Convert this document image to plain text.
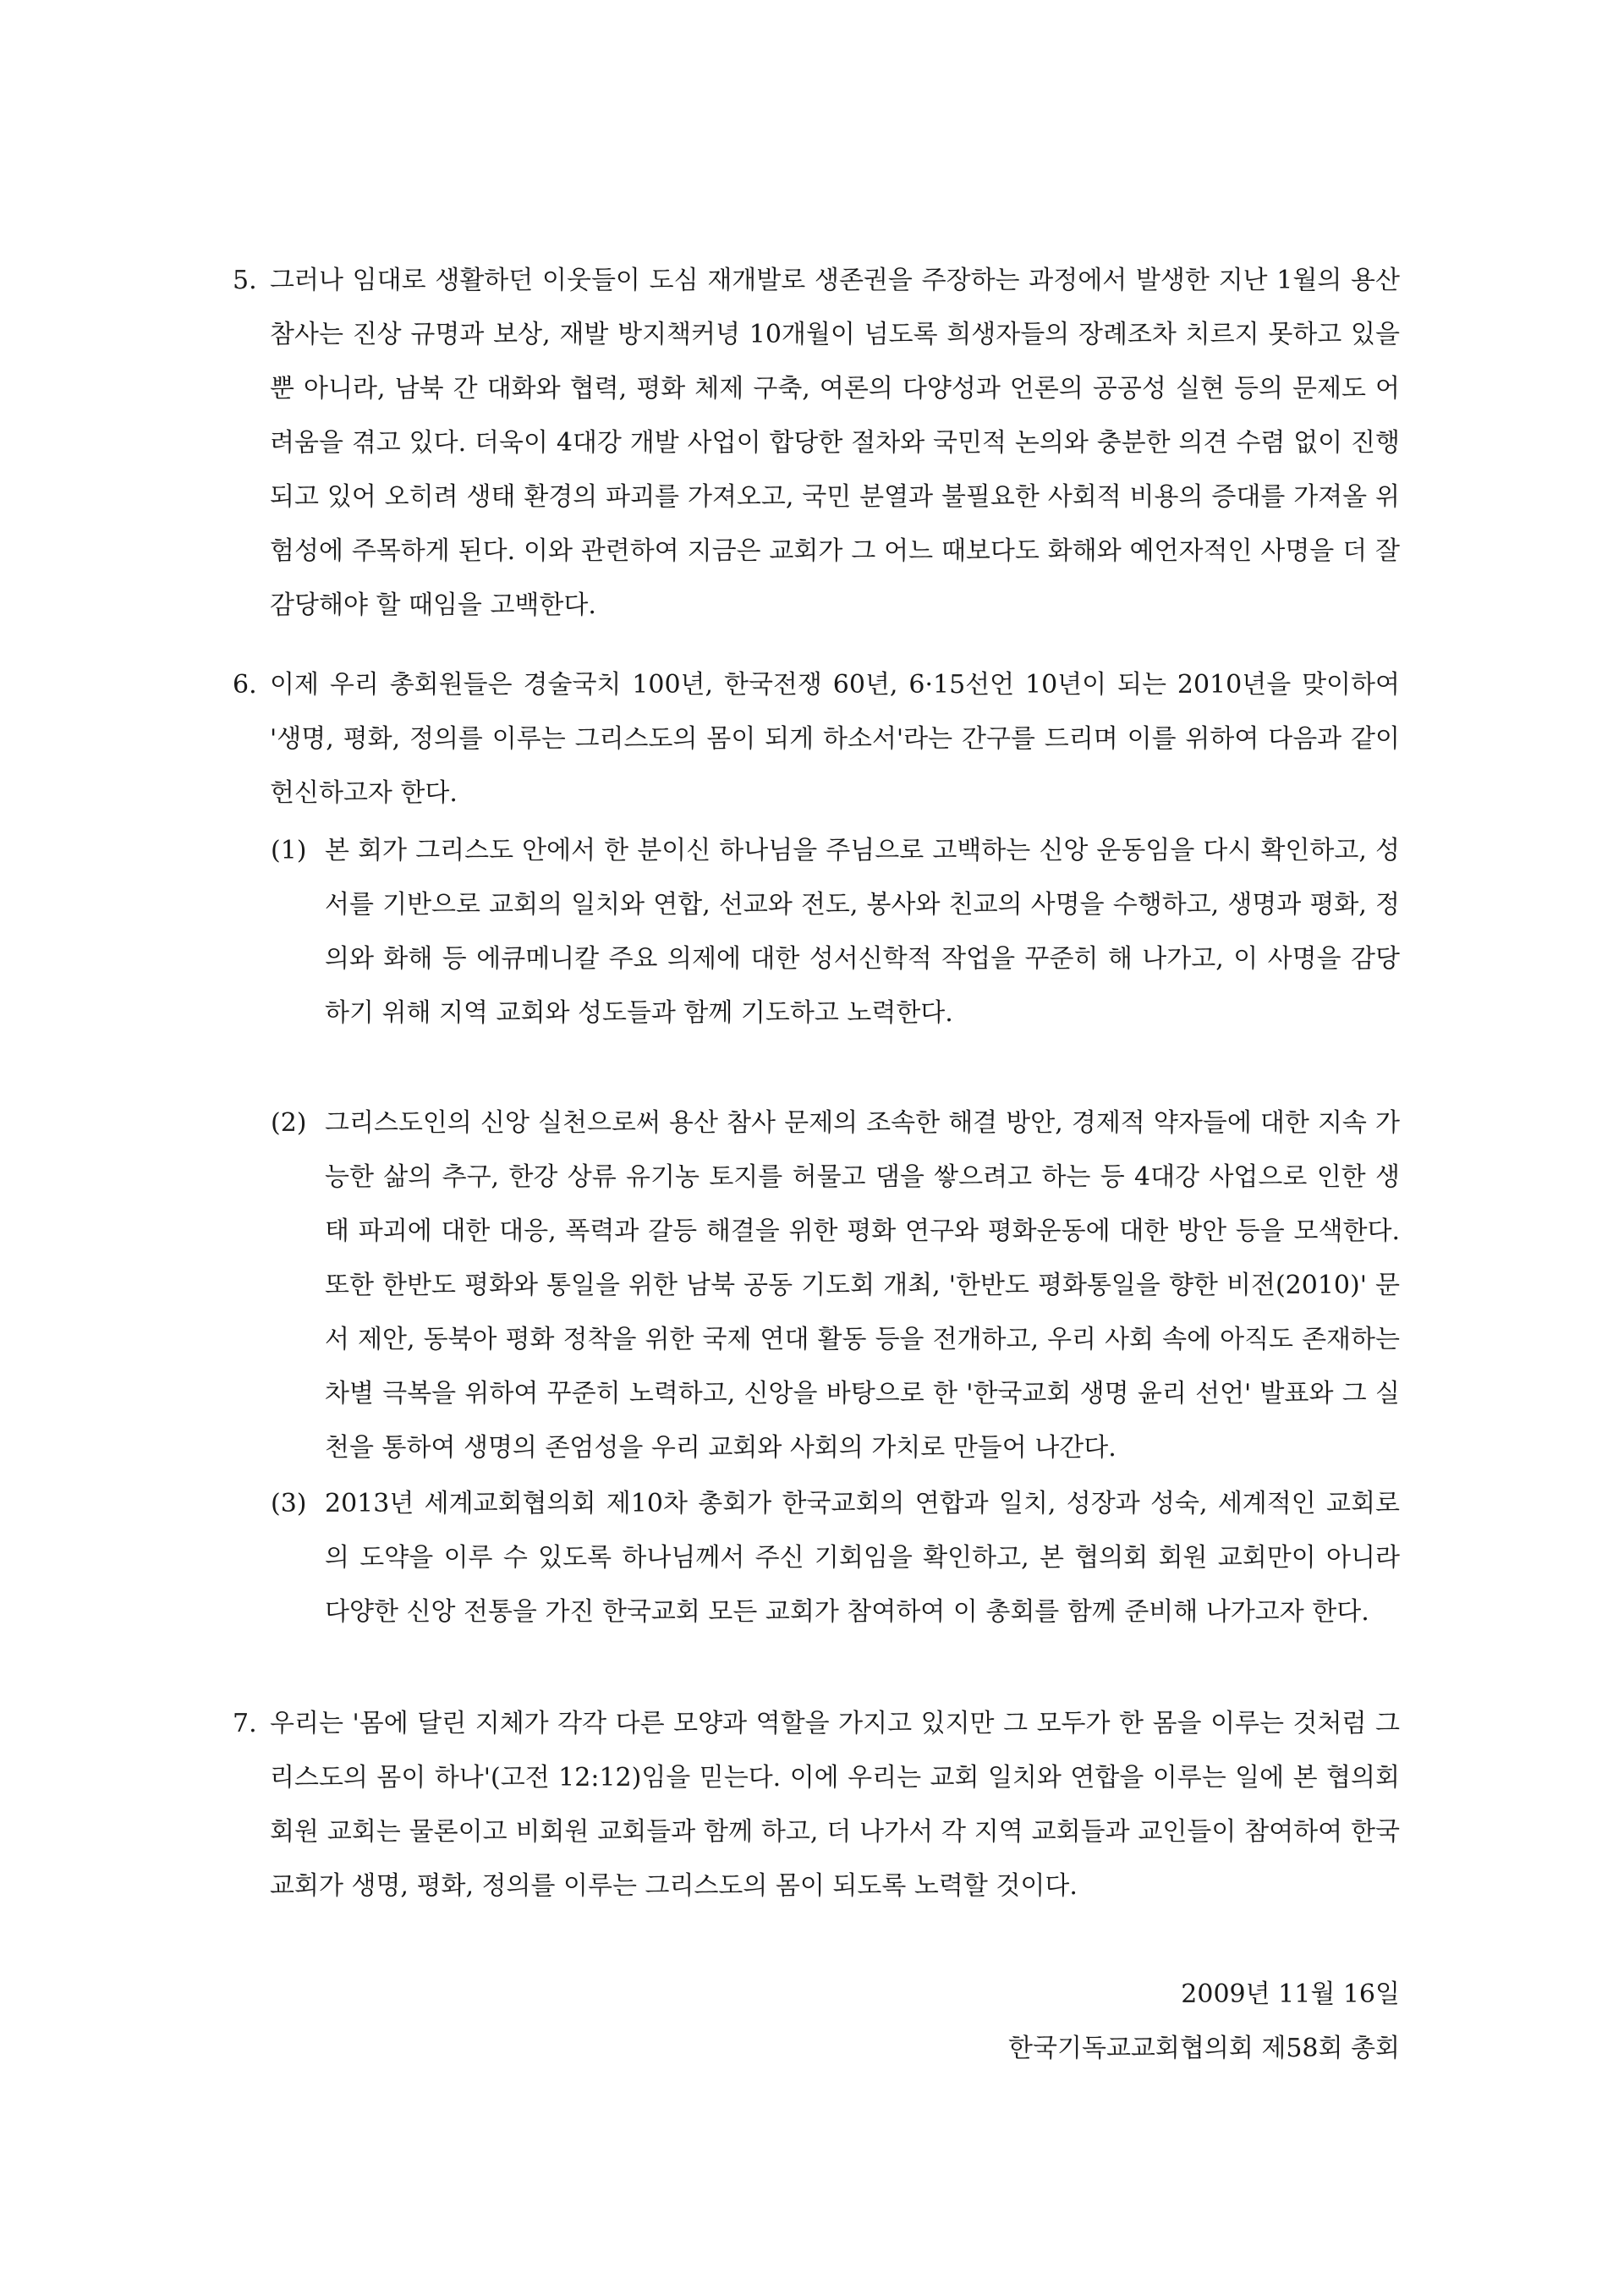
5. 그러나 임대로 생활하던 이웃들이 도심 재개발로 생존권을 주장하는 과정에서 발생한 지난 1월의 용산 참사는 진상 규명과 보상, 재발 방지책커녕 10개월이 넘도록 희생자들의 장례조차 치르지 못하고 있을 뿐 아니라, 남북 간 대화와 협력, 평화 체제 구축, 여론의 다양성과 언론의 공공성 실현 등의 문제도 어려움을 겪고 있다. 더욱이 4대강 개발 사업이 합당한 절차와 국민적 논의와 충분한 의견 수렴 없이 진행되고 있어 오히려 생태 환경의 파괴를 가져오고, 국민 분열과 불필요한 사회적 비용의 증대를 가져올 위험성에 주목하게 된다. 이와 관련하여 지금은 교회가 그 어느 때보다도 화해와 예언자적인 사명을 더 잘 감당해야 할 때임을 고백한다.
6. 이제 우리 총회원들은 경술국치 100년, 한국전쟁 60년, 6·15선언 10년이 되는 2010년을 맞이하여 '생명, 평화, 정의를 이루는 그리스도의 몸이 되게 하소서'라는 간구를 드리며 이를 위하여 다음과 같이 헌신하고자 한다.
(1) 본 회가 그리스도 안에서 한 분이신 하나님을 주님으로 고백하는 신앙 운동임을 다시 확인하고, 성서를 기반으로 교회의 일치와 연합, 선교와 전도, 봉사와 친교의 사명을 수행하고, 생명과 평화, 정의와 화해 등 에큐메니칼 주요 의제에 대한 성서신학적 작업을 꾸준히 해 나가고, 이 사명을 감당하기 위해 지역 교회와 성도들과 함께 기도하고 노력한다.
(2) 그리스도인의 신앙 실천으로써 용산 참사 문제의 조속한 해결 방안, 경제적 약자들에 대한 지속 가능한 삶의 추구, 한강 상류 유기농 토지를 허물고 댐을 쌓으려고 하는 등 4대강 사업으로 인한 생태 파괴에 대한 대응, 폭력과 갈등 해결을 위한 평화 연구와 평화운동에 대한 방안 등을 모색한다. 또한 한반도 평화와 통일을 위한 남북 공동 기도회 개최, '한반도 평화통일을 향한 비전(2010)' 문서 제안, 동북아 평화 정착을 위한 국제 연대 활동 등을 전개하고, 우리 사회 속에 아직도 존재하는 차별 극복을 위하여 꾸준히 노력하고, 신앙을 바탕으로 한 '한국교회 생명 윤리 선언' 발표와 그 실천을 통하여 생명의 존엄성을 우리 교회와 사회의 가치로 만들어 나간다.
(3) 2013년 세계교회협의회 제10차 총회가 한국교회의 연합과 일치, 성장과 성숙, 세계적인 교회로의 도약을 이루 수 있도록 하나님께서 주신 기회임을 확인하고, 본 협의회 회원 교회만이 아니라 다양한 신앙 전통을 가진 한국교회 모든 교회가 참여하여 이 총회를 함께 준비해 나가고자 한다.
7. 우리는 '몸에 달린 지체가 각각 다른 모양과 역할을 가지고 있지만 그 모두가 한 몸을 이루는 것처럼 그리스도의 몸이 하나'(고전 12:12)임을 믿는다. 이에 우리는 교회 일치와 연합을 이루는 일에 본 협의회 회원 교회는 물론이고 비회원 교회들과 함께 하고, 더 나가서 각 지역 교회들과 교인들이 참여하여 한국교회가 생명, 평화, 정의를 이루는 그리스도의 몸이 되도록 노력할 것이다.
2009년 11월 16일
한국기독교교회협의회 제58회 총회
